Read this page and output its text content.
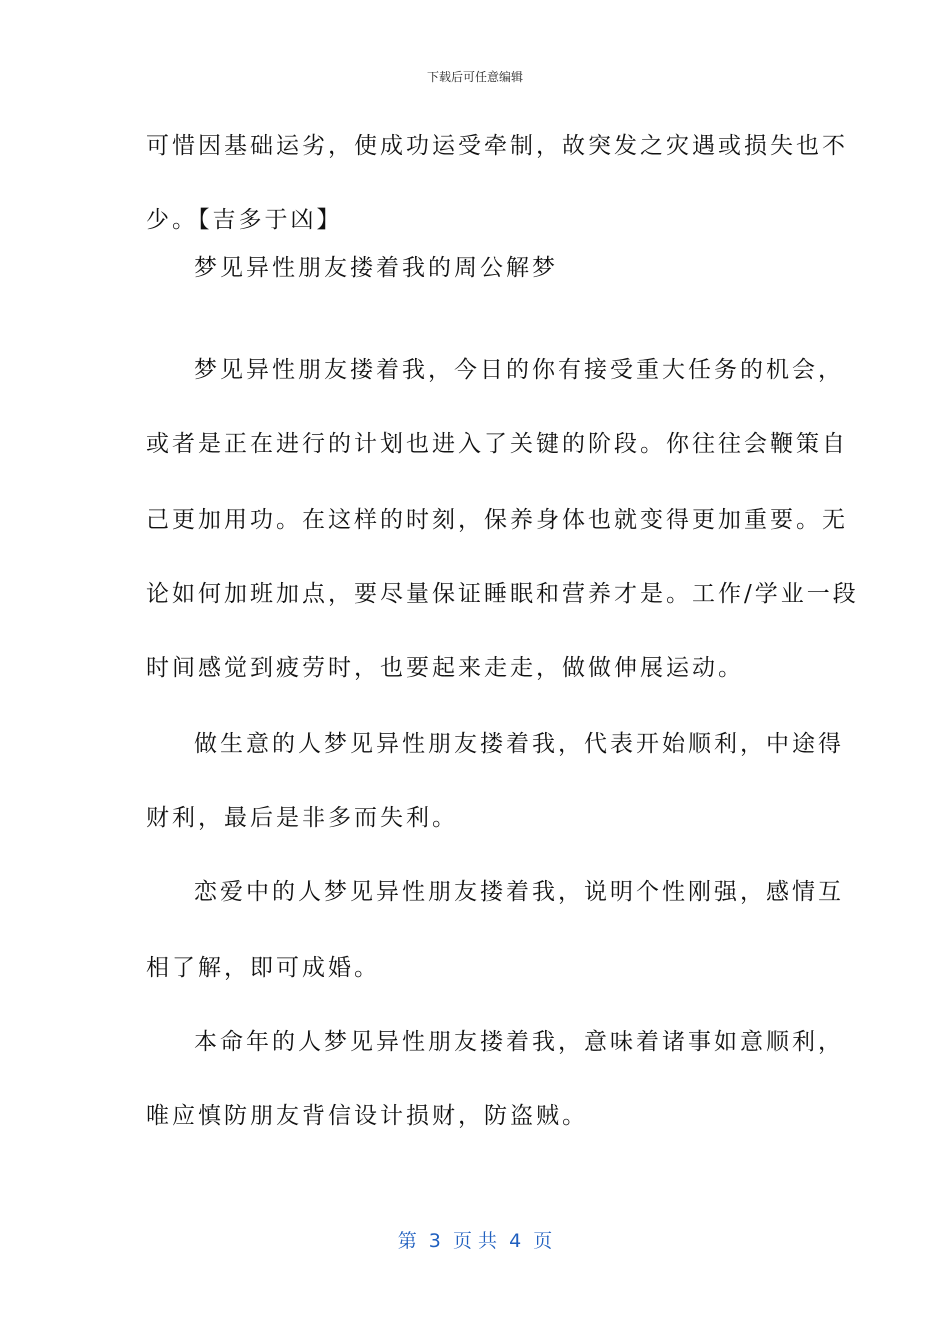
下载后可任意编辑
可惜因基础运劣，使成功运受牵制，故突发之灾遇或损失也不
少。【吉多于凶】
梦见异性朋友搂着我的周公解梦
梦见异性朋友搂着我，今日的你有接受重大任务的机会，
或者是正在进行的计划也进入了关键的阶段。你往往会鞭策自
己更加用功。在这样的时刻，保养身体也就变得更加重要。无
论如何加班加点，要尽量保证睡眠和营养才是。工作/学业一段
时间感觉到疲劳时，也要起来走走，做做伸展运动。
做生意的人梦见异性朋友搂着我，代表开始顺利，中途得
财利，最后是非多而失利。
恋爱中的人梦见异性朋友搂着我，说明个性刚强，感情互
相了解，即可成婚。
本命年的人梦见异性朋友搂着我，意味着诸事如意顺利，
唯应慎防朋友背信设计损财，防盗贼。
第  3  页 共  4  页
